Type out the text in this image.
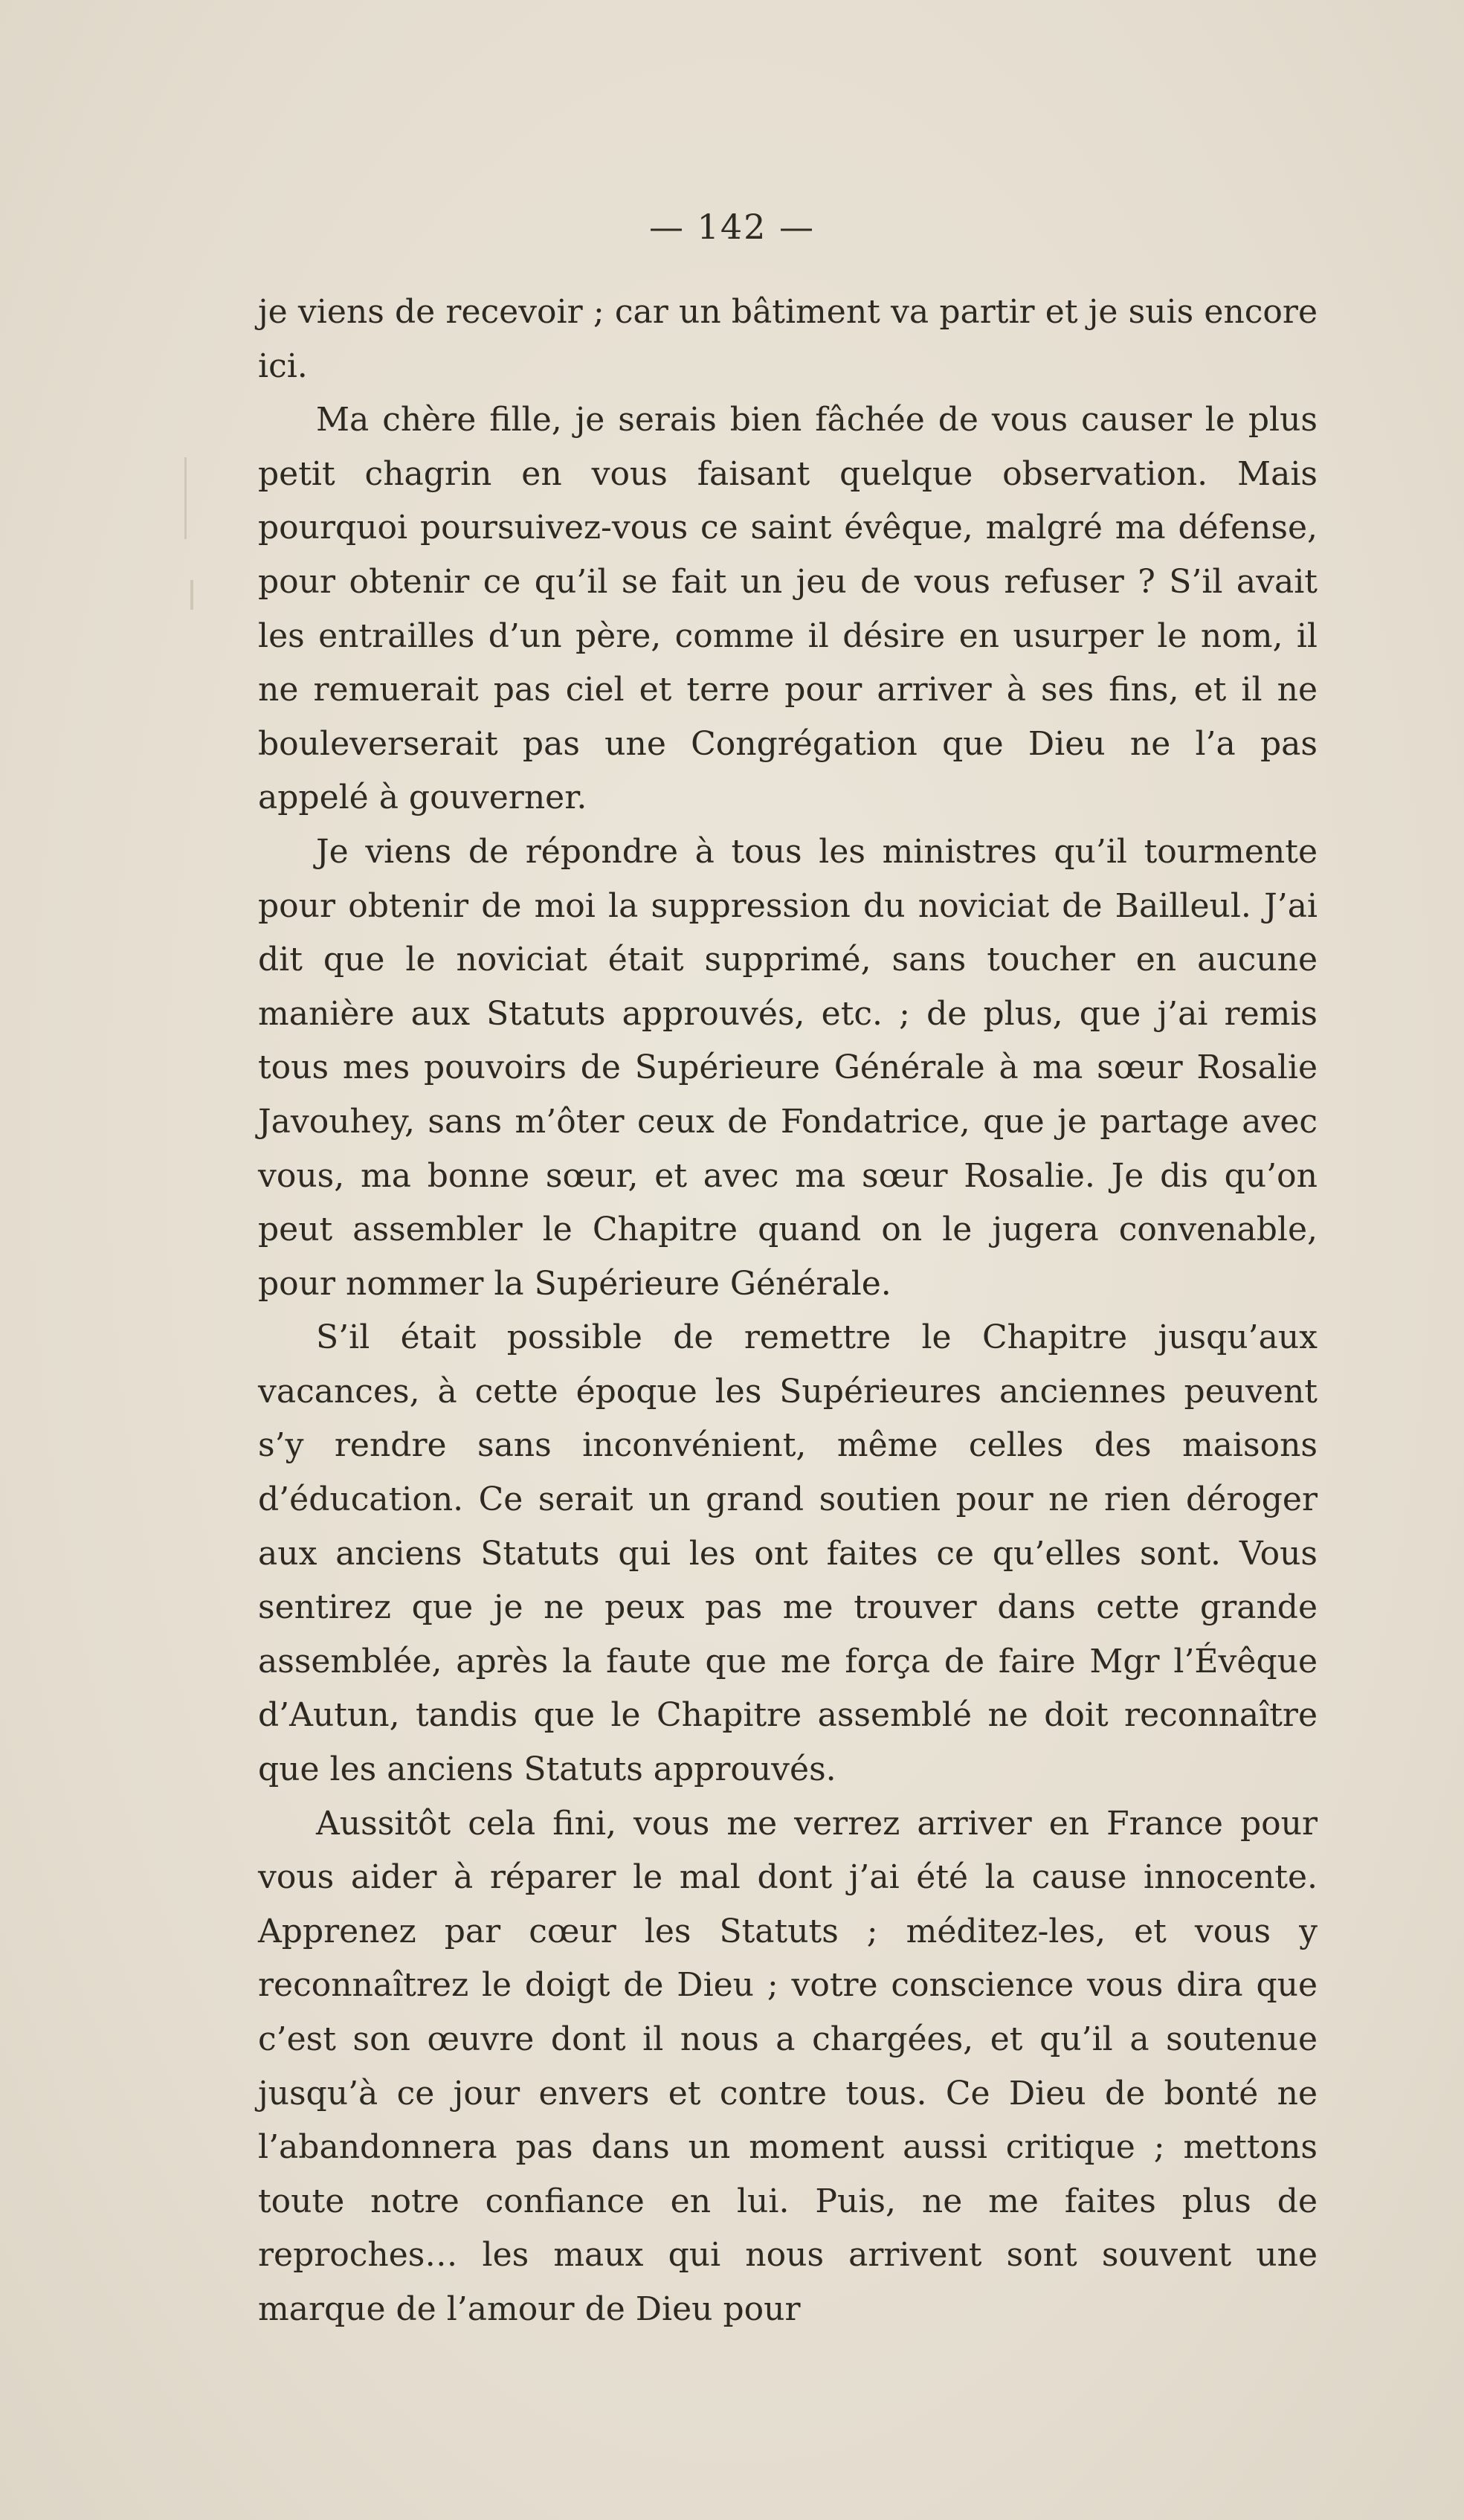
— 142 —

je viens de recevoir ; car un bâtiment va partir et je suis encore ici.

Ma chère fille, je serais bien fâchée de vous causer le plus petit chagrin en vous faisant quelque observation. Mais pourquoi poursuivez-vous ce saint évêque, malgré ma défense, pour obtenir ce qu’il se fait un jeu de vous refuser ? S’il avait les entrailles d’un père, comme il désire en usurper le nom, il ne remuerait pas ciel et terre pour arriver à ses fins, et il ne bouleverserait pas une Congrégation que Dieu ne l’a pas appelé à gouverner.

Je viens de répondre à tous les ministres qu’il tourmente pour obtenir de moi la suppression du noviciat de Bailleul. J’ai dit que le noviciat était supprimé, sans toucher en aucune manière aux Statuts approuvés, etc. ; de plus, que j’ai remis tous mes pouvoirs de Supérieure Générale à ma sœur Rosalie Javouhey, sans m’ôter ceux de Fondatrice, que je partage avec vous, ma bonne sœur, et avec ma sœur Rosalie. Je dis qu’on peut assembler le Chapitre quand on le jugera convenable, pour nommer la Supérieure Générale.

S’il était possible de remettre le Chapitre jusqu’aux vacances, à cette époque les Supérieures anciennes peuvent s’y rendre sans inconvénient, même celles des maisons d’éducation. Ce serait un grand soutien pour ne rien déroger aux anciens Statuts qui les ont faites ce qu’elles sont. Vous sentirez que je ne peux pas me trouver dans cette grande assemblée, après la faute que me força de faire Mgr l’Évêque d’Autun, tandis que le Chapitre assemblé ne doit reconnaître que les anciens Statuts approuvés.

Aussitôt cela fini, vous me verrez arriver en France pour vous aider à réparer le mal dont j’ai été la cause innocente. Apprenez par cœur les Statuts ; méditez-les, et vous y reconnaîtrez le doigt de Dieu ; votre conscience vous dira que c’est son œuvre dont il nous a chargées, et qu’il a soutenue jusqu’à ce jour envers et contre tous. Ce Dieu de bonté ne l’abandonnera pas dans un moment aussi critique ; mettons toute notre confiance en lui. Puis, ne me faites plus de reproches… les maux qui nous arrivent sont souvent une marque de l’amour de Dieu pour
